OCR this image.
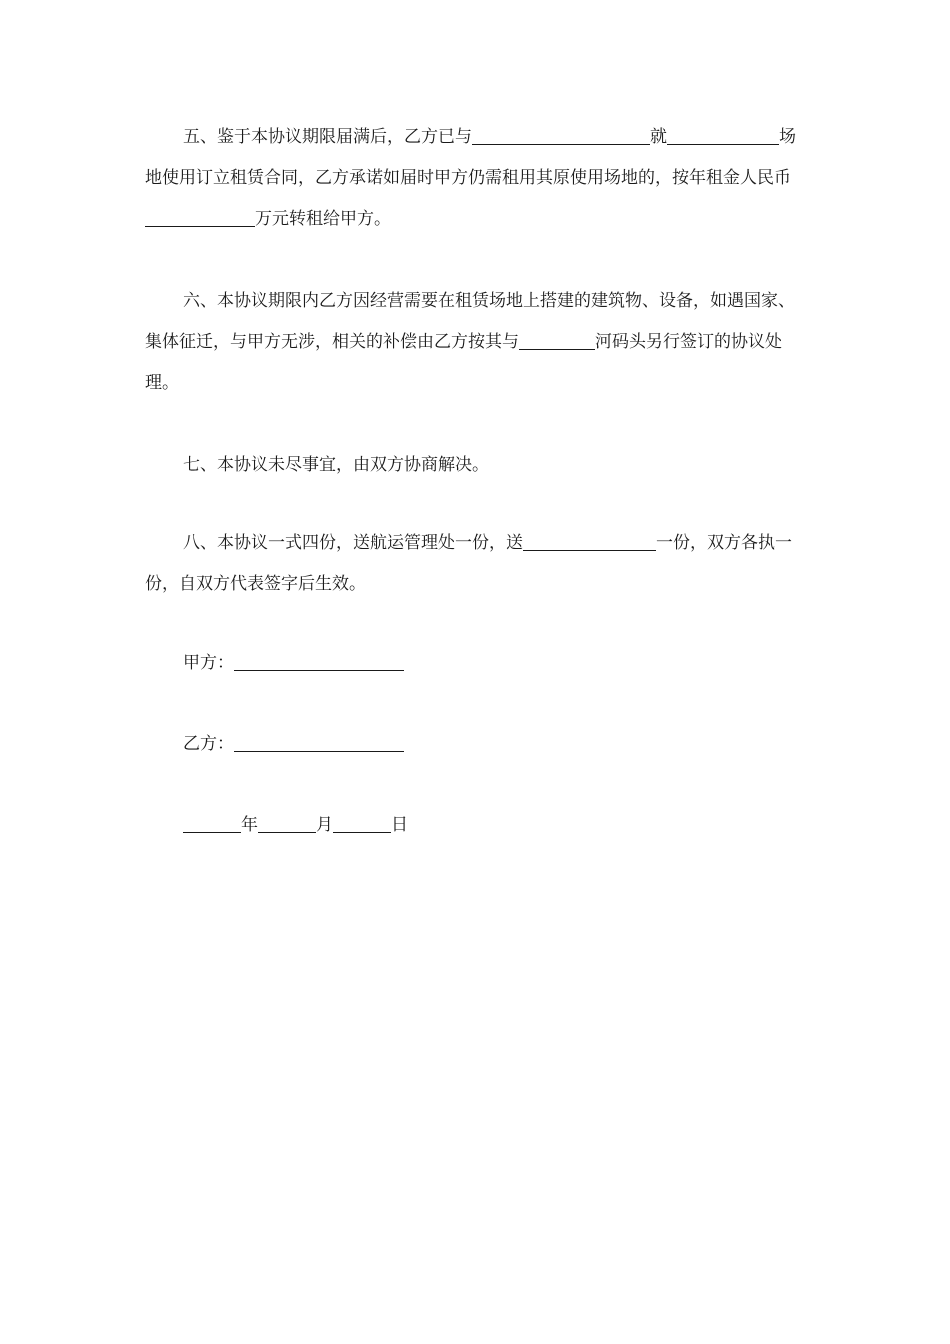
五、鉴于本协议期限届满后，乙方已与	就	场地使用订立租赁合同，乙方承诺如届时甲方仍需租用其原使用场地的，按年租金人民币万元转租给甲方。
六、本协议期限内乙方因经营需要在租赁场地上搭建的建筑物、设备，如遇国家、集体征迁，与甲方无涉，相关的补偿由乙方按其与	河码头另行签订的协议处理。
七、本协议未尽事宜，由双方协商解决。
八、本协议一式四份，送航运管理处一份，送	一份，双方各执一份，自双方代表签字后生效。
甲方：
乙方：
年	月	日
